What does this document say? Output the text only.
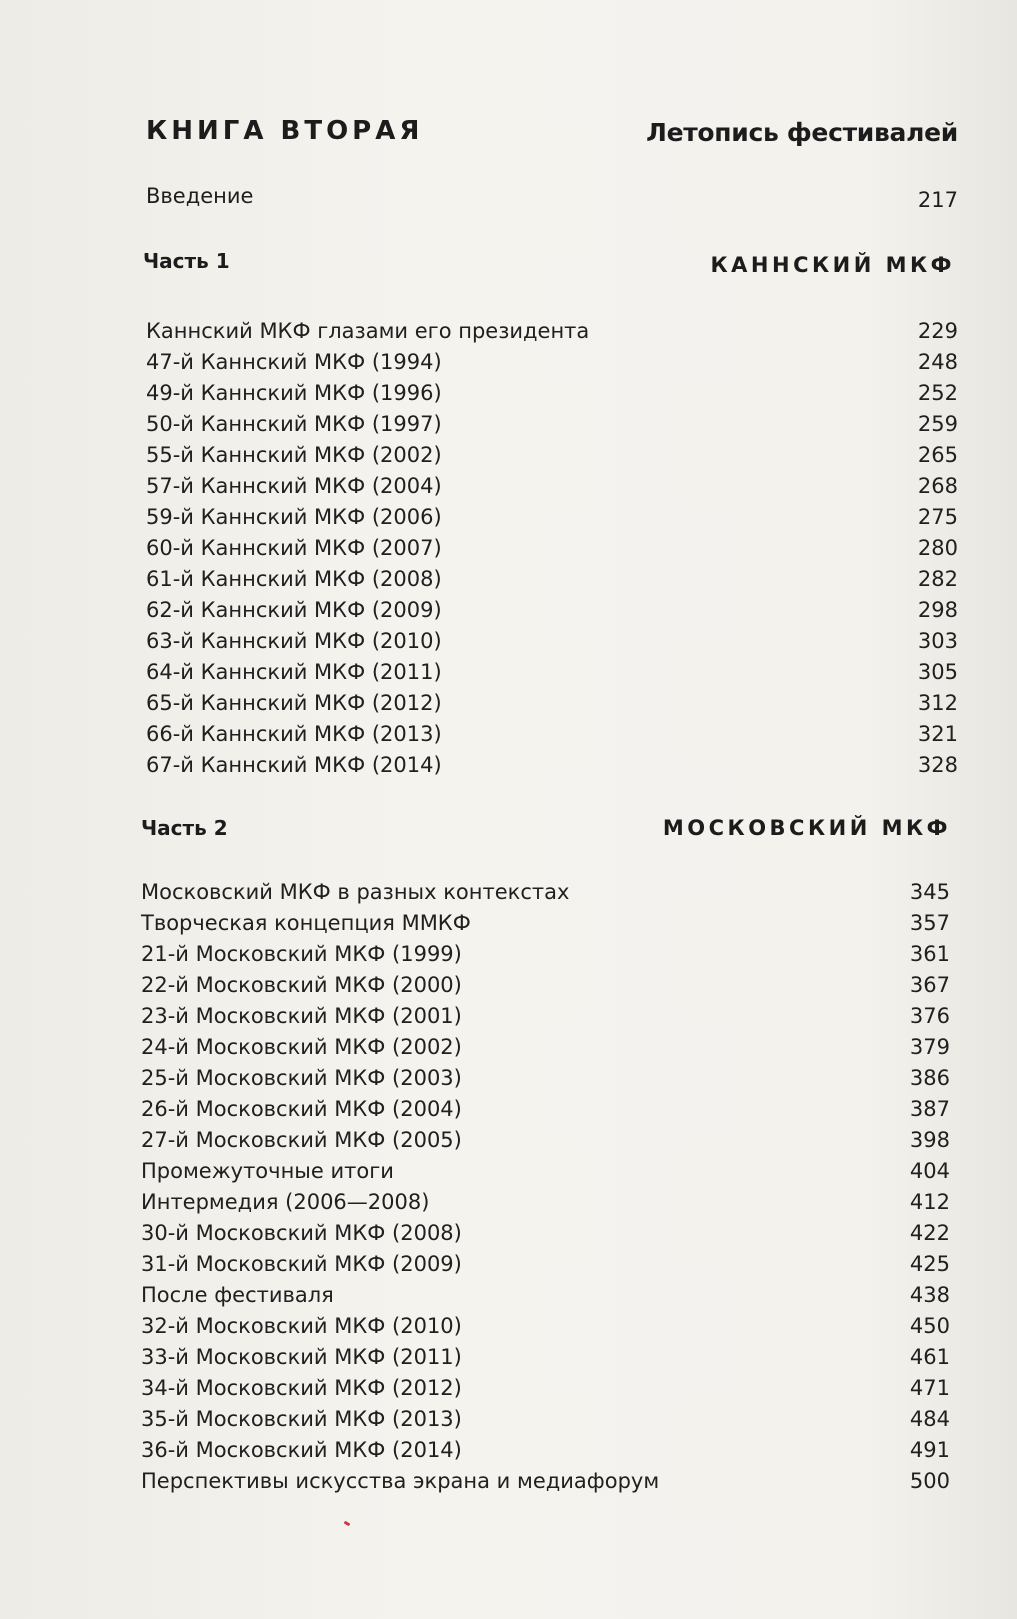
КНИГА ВТОРАЯ	Летопись фестивалей
Введение	217
Часть 1	КАННСКИЙ МКФ
Каннский МКФ глазами его президента	229
47-й Каннский МКФ (1994)	248
49-й Каннский МКФ (1996)	252
50-й Каннский МКФ (1997)	259
55-й Каннский МКФ (2002)	265
57-й Каннский МКФ (2004)	268
59-й Каннский МКФ (2006)	275
60-й Каннский МКФ (2007)	280
61-й Каннский МКФ (2008)	282
62-й Каннский МКФ (2009)	298
63-й Каннский МКФ (2010)	303
64-й Каннский МКФ (2011)	305
65-й Каннский МКФ (2012)	312
66-й Каннский МКФ (2013)	321
67-й Каннский МКФ (2014)	328
Часть 2	МОСКОВСКИЙ МКФ
Московский МКФ в разных контекстах	345
Творческая концепция ММКФ	357
21-й Московский МКФ (1999)	361
22-й Московский МКФ (2000)	367
23-й Московский МКФ (2001)	376
24-й Московский МКФ (2002)	379
25-й Московский МКФ (2003)	386
26-й Московский МКФ (2004)	387
27-й Московский МКФ (2005)	398
Промежуточные итоги	404
Интермедия (2006—2008)	412
30-й Московский МКФ (2008)	422
31-й Московский МКФ (2009)	425
После фестиваля	438
32-й Московский МКФ (2010)	450
33-й Московский МКФ (2011)	461
34-й Московский МКФ (2012)	471
35-й Московский МКФ (2013)	484
36-й Московский МКФ (2014)	491
Перспективы искусства экрана и медиафорум	500
